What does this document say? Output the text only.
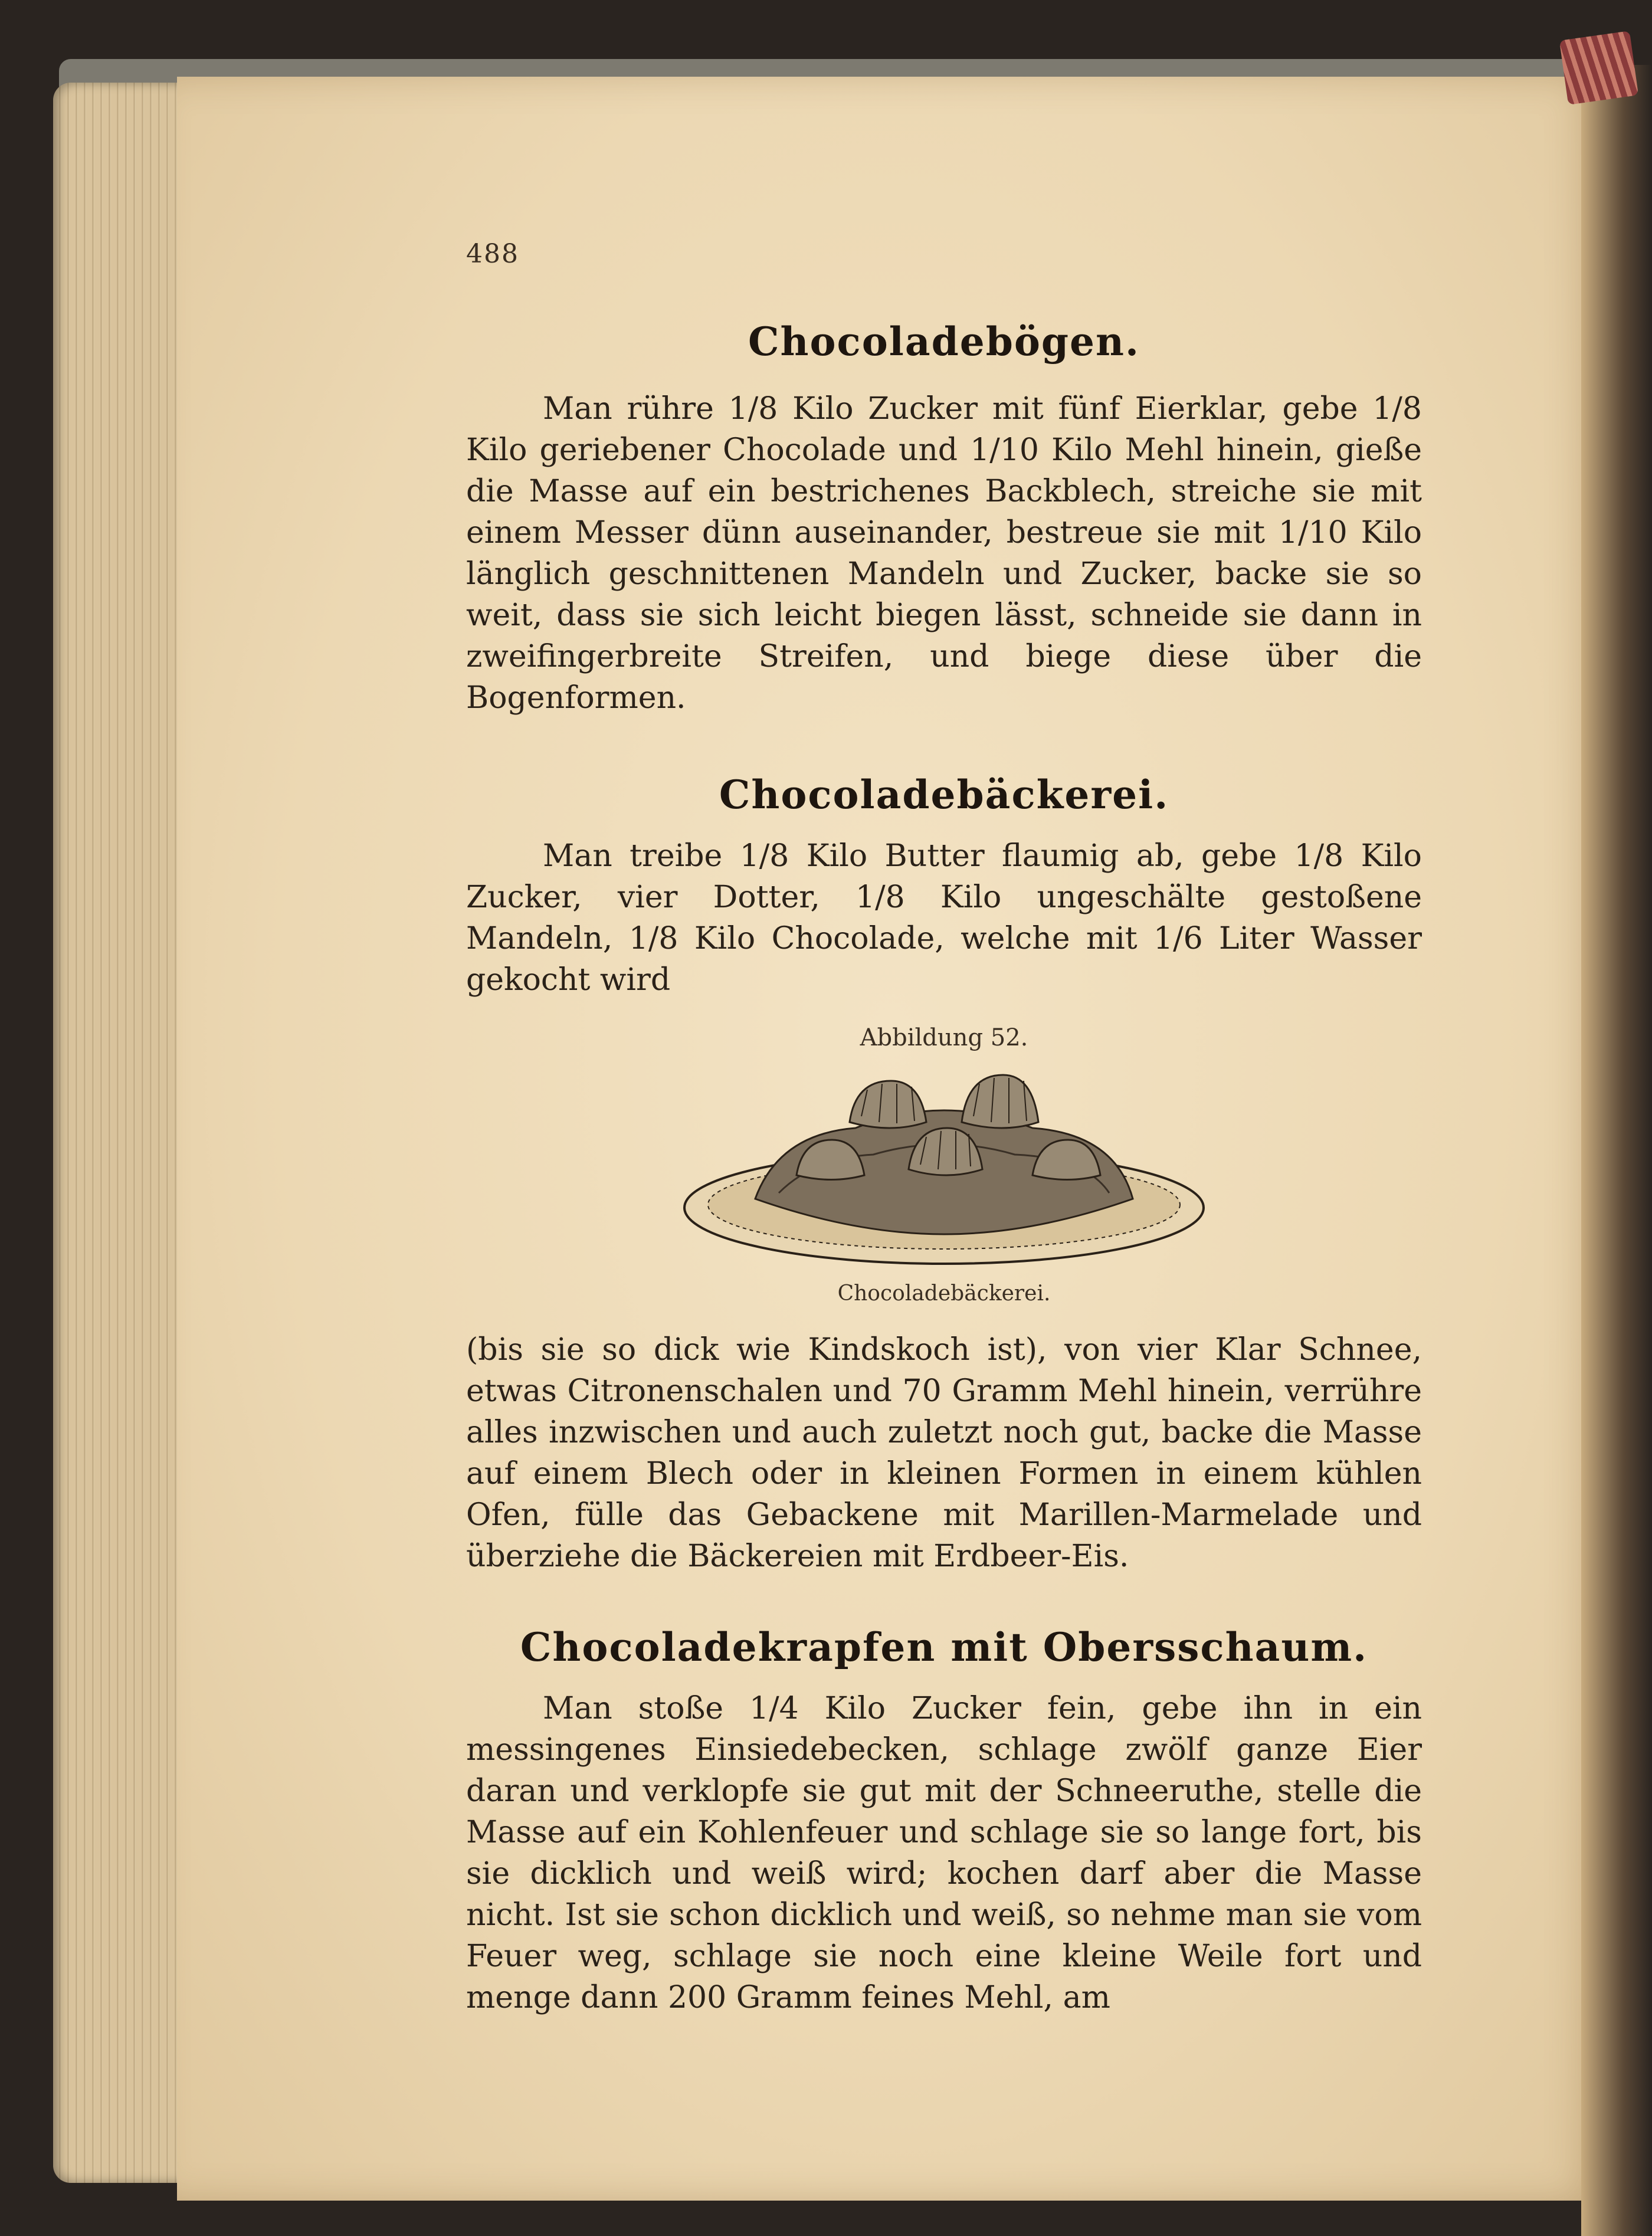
488
Chocoladebögen.

Man rühre 1/8 Kilo Zucker mit fünf Eierklar, gebe 1/8 Kilo geriebener Chocolade und 1/10 Kilo Mehl hinein, gieße die Masse auf ein bestrichenes Backblech, streiche sie mit einem Messer dünn auseinander, bestreue sie mit 1/10 Kilo länglich geschnittenen Mandeln und Zucker, backe sie so weit, dass sie sich leicht biegen lässt, schneide sie dann in zweifingerbreite Streifen, und biege diese über die Bogenformen.

Chocoladebäckerei.

Man treibe 1/8 Kilo Butter flaumig ab, gebe 1/8 Kilo Zucker, vier Dotter, 1/8 Kilo ungeschälte gestoßene Mandeln, 1/8 Kilo Chocolade, welche mit 1/6 Liter Wasser gekocht wird

Abbildung 52.

Chocoladebäckerei.

(bis sie so dick wie Kindskoch ist), von vier Klar Schnee, etwas Citronenschalen und 70 Gramm Mehl hinein, verrühre alles inzwischen und auch zuletzt noch gut, backe die Masse auf einem Blech oder in kleinen Formen in einem kühlen Ofen, fülle das Gebackene mit Marillen-Marmelade und überziehe die Bäckereien mit Erdbeer-Eis.

Chocoladekrapfen mit Obersschaum.

Man stoße 1/4 Kilo Zucker fein, gebe ihn in ein messingenes Einsiedebecken, schlage zwölf ganze Eier daran und verklopfe sie gut mit der Schneeruthe, stelle die Masse auf ein Kohlenfeuer und schlage sie so lange fort, bis sie dicklich und weiß wird; kochen darf aber die Masse nicht. Ist sie schon dicklich und weiß, so nehme man sie vom Feuer weg, schlage sie noch eine kleine Weile fort und menge dann 200 Gramm feines Mehl, am
